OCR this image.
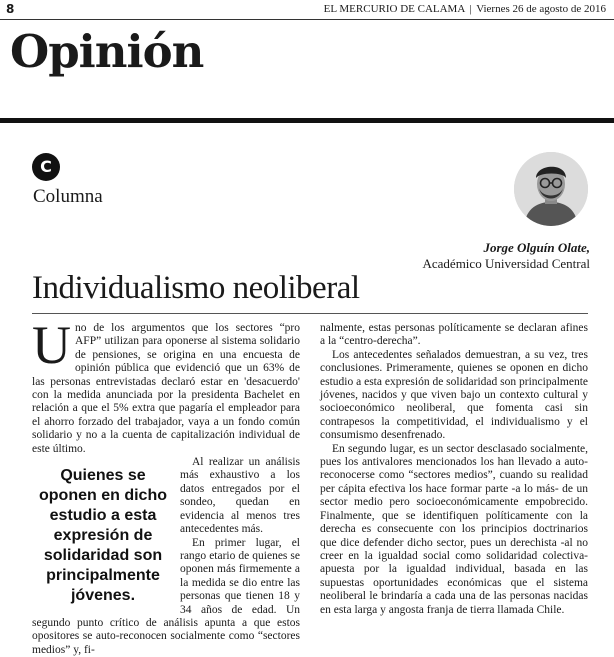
8	EL MERCURIO DE CALAMA | Viernes 26 de agosto de 2016
Opinión
C
Columna
Jorge Olguín Olate,
Académico Universidad Central
Individualismo neoliberal
U no de los argumentos que los sectores “pro AFP” utilizan para oponerse al sistema solidario de pensiones, se origina en una encuesta de opinión pública que evidenció que un 63% de las personas entrevistadas declaró estar en 'desacuerdo' con la medida anunciada por la presidenta Bachelet en relación a que el 5% extra que pagaría el empleador para el ahorro forzado del trabajador, vaya a un fondo común solidario y no a la cuenta de capitalización individual de este último.

Quienes se oponen en dicho estudio a esta expresión de solidaridad son principalmente jóvenes.

Al realizar un análisis más exhaustivo a los datos entregados por el sondeo, quedan en evidencia al menos tres antecedentes más.

En primer lugar, el rango etario de quienes se oponen más firmemente a la medida se dio entre las personas que tienen 18 y 34 años de edad. Un segundo punto crítico de análisis apunta a que estos opositores se auto-reconocen socialmente como “sectores medios” y, fi-

nalmente, estas personas políticamente se declaran afines a la “centro-derecha”.

Los antecedentes señalados demuestran, a su vez, tres conclusiones. Primeramente, quienes se oponen en dicho estudio a esta expresión de solidaridad son principalmente jóvenes, nacidos y que viven bajo un contexto cultural y socioeconómico neoliberal, que fomenta casi sin contrapesos la competitividad, el individualismo y el consumismo desenfrenado.

En segundo lugar, es un sector desclasado socialmente, pues los antivalores mencionados los han llevado a auto-reconocerse como “sectores medios”, cuando su realidad per cápita efectiva los hace formar parte -a lo más- de un sector medio pero socioeconómicamente empobrecido. Finalmente, que se identifiquen políticamente con la derecha es consecuente con los principios doctrinarios que dice defender dicho sector, pues un derechista -al no creer en la igualdad social como solidaridad colectiva- apuesta por la igualdad individual, basada en las supuestas oportunidades económicas que el sistema neoliberal le brindaría a cada una de las personas nacidas en esta larga y angosta franja de tierra llamada Chile.
